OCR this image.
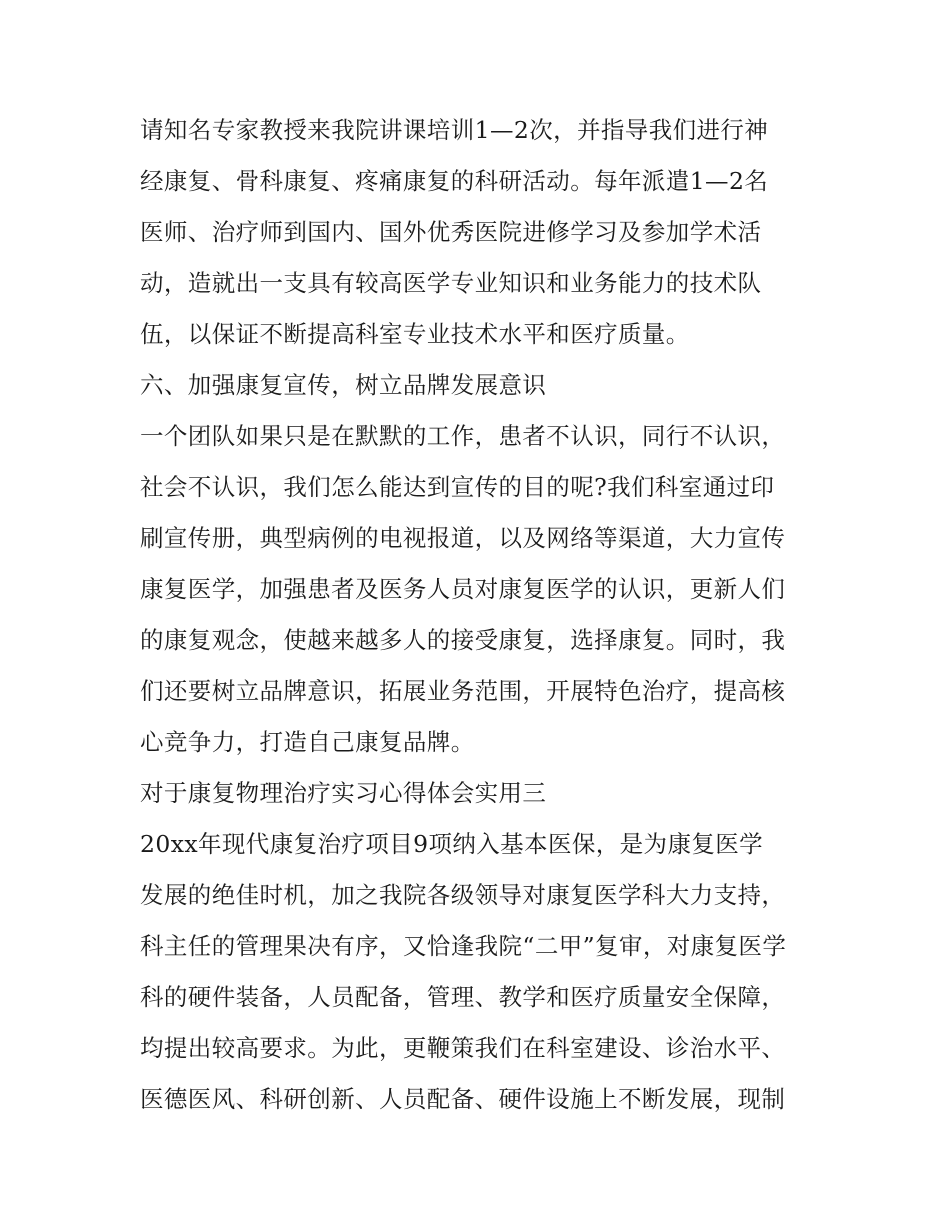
请知名专家教授来我院讲课培训1—2次，并指导我们进行神
经康复、骨科康复、疼痛康复的科研活动。每年派遣1—2名
医师、治疗师到国内、国外优秀医院进修学习及参加学术活
动，造就出一支具有较高医学专业知识和业务能力的技术队
伍，以保证不断提高科室专业技术水平和医疗质量。
六、加强康复宣传，树立品牌发展意识
一个团队如果只是在默默的工作，患者不认识，同行不认识，
社会不认识，我们怎么能达到宣传的目的呢?我们科室通过印
刷宣传册，典型病例的电视报道，以及网络等渠道，大力宣传
康复医学，加强患者及医务人员对康复医学的认识，更新人们
的康复观念，使越来越多人的接受康复，选择康复。同时，我
们还要树立品牌意识，拓展业务范围，开展特色治疗，提高核
心竞争力，打造自己康复品牌。
对于康复物理治疗实习心得体会实用三
20xx年现代康复治疗项目9项纳入基本医保，是为康复医学
发展的绝佳时机，加之我院各级领导对康复医学科大力支持，
科主任的管理果决有序，又恰逢我院“二甲”复审，对康复医学
科的硬件装备，人员配备，管理、教学和医疗质量安全保障，
均提出较高要求。为此，更鞭策我们在科室建设、诊治水平、
医德医风、科研创新、人员配备、硬件设施上不断发展，现制
